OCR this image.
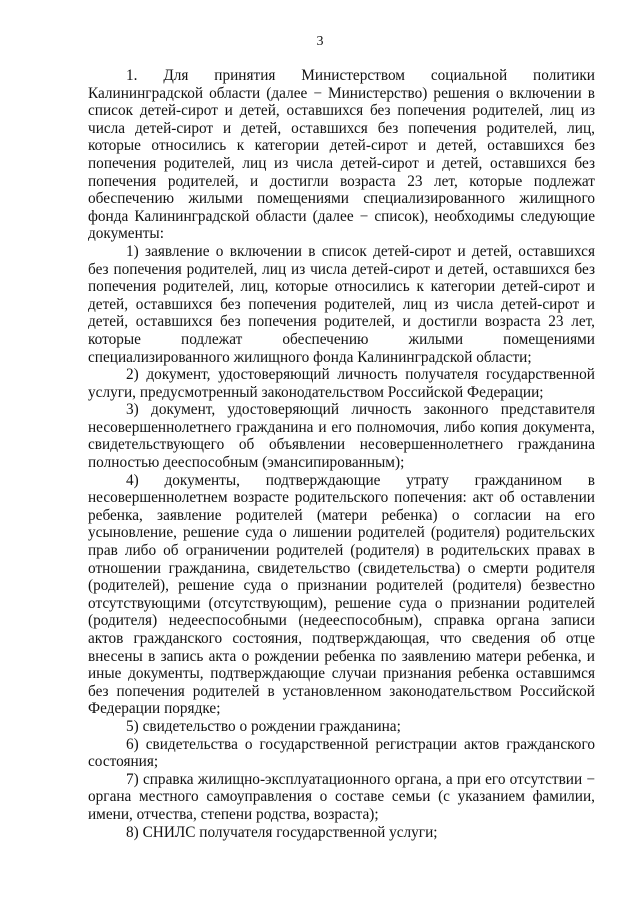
3

1. Для принятия Министерством социальной политики Калининградской области (далее − Министерство) решения о включении в список детей-сирот и детей, оставшихся без попечения родителей, лиц из числа детей-сирот и детей, оставшихся без попечения родителей, лиц, которые относились к категории детей-сирот и детей, оставшихся без попечения родителей, лиц из числа детей-сирот и детей, оставшихся без попечения родителей, и достигли возраста 23 лет, которые подлежат обеспечению жилыми помещениями специализированного жилищного фонда Калининградской области (далее − список), необходимы следующие документы:

1) заявление о включении в список детей-сирот и детей, оставшихся без попечения родителей, лиц из числа детей-сирот и детей, оставшихся без попечения родителей, лиц, которые относились к категории детей-сирот и детей, оставшихся без попечения родителей, лиц из числа детей-сирот и детей, оставшихся без попечения родителей, и достигли возраста 23 лет, которые подлежат обеспечению жилыми помещениями специализированного жилищного фонда Калининградской области;

2) документ, удостоверяющий личность получателя государственной услуги, предусмотренный законодательством Российской Федерации;

3) документ, удостоверяющий личность законного представителя несовершеннолетнего гражданина и его полномочия, либо копия документа, свидетельствующего об объявлении несовершеннолетнего гражданина полностью дееспособным (эмансипированным);

4) документы, подтверждающие утрату гражданином в несовершеннолетнем возрасте родительского попечения: акт об оставлении ребенка, заявление родителей (матери ребенка) о согласии на его усыновление, решение суда о лишении родителей (родителя) родительских прав либо об ограничении родителей (родителя) в родительских правах в отношении гражданина, свидетельство (свидетельства) о смерти родителя (родителей), решение суда о признании родителей (родителя) безвестно отсутствующими (отсутствующим), решение суда о признании родителей (родителя) недееспособными (недееспособным), справка органа записи актов гражданского состояния, подтверждающая, что сведения об отце внесены в запись акта о рождении ребенка по заявлению матери ребенка, и иные документы, подтверждающие случаи признания ребенка оставшимся без попечения родителей в установленном законодательством Российской Федерации порядке;

5) свидетельство о рождении гражданина;

6) свидетельства о государственной регистрации актов гражданского состояния;

7) справка жилищно-эксплуатационного органа, а при его отсутствии − органа местного самоуправления о составе семьи (с указанием фамилии, имени, отчества, степени родства, возраста);

8) СНИЛС получателя государственной услуги;
